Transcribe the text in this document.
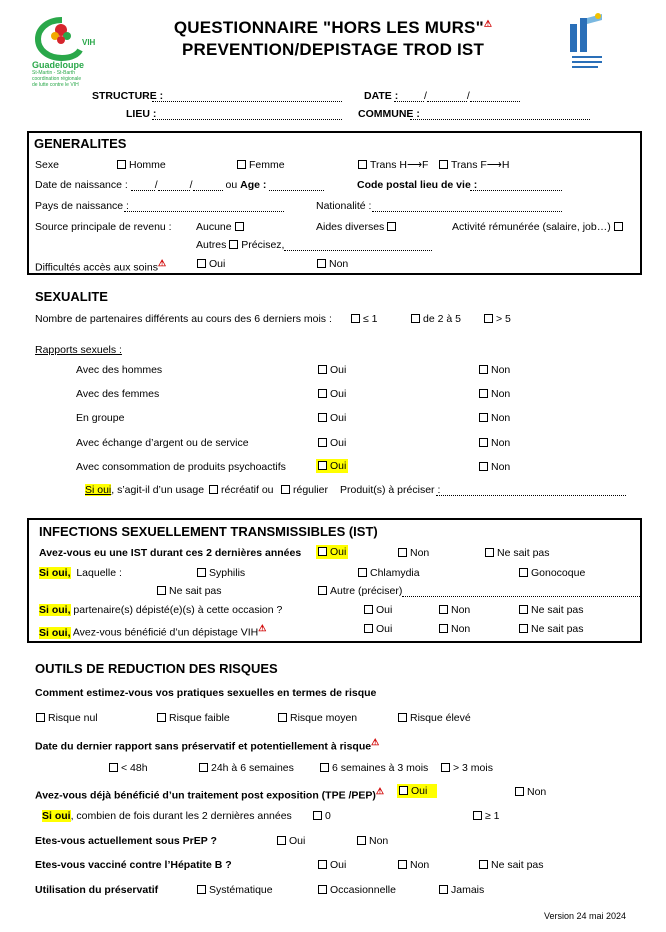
VIH
Guadeloupe
St-Martin - St-Barth
coordination régionale
de lutte contre le VIH
QUESTIONNAIRE "HORS LES MURS"⚠
PREVENTION/DEPISTAGE TROD IST
STRUCTURE :	DATE :	/	/
LIEU :	COMMUNE :
GENERALITES
Sexe	Homme	Femme	Trans H⟶F	Trans F⟶H
Date de naissance :	/	/	ou Age :	Code postal lieu de vie :
Pays de naissance :	Nationalité :
Source principale de revenu : Aucune	Aides diverses	Activité rémunérée (salaire, job…)
Autres Précisez,
Difficultés accès aux soins⚠	Oui	Non
SEXUALITE
Nombre de partenaires différents au cours des 6 derniers mois :	≤ 1	de 2 à 5	> 5
Rapports sexuels :
Avec des hommes	Oui	Non
Avec des femmes	Oui	Non
En groupe	Oui	Non
Avec échange d’argent ou de service	Oui	Non
Avec consommation de produits psychoactifs	Oui	Non
Si oui, s’agit-il d’un usage	récréatif ou	régulier Produit(s) à préciser :
INFECTIONS SEXUELLEMENT TRANSMISSIBLES (IST)
Avez-vous eu une IST durant ces 2 dernières années	Oui	Non	Ne sait pas
Si oui, Laquelle :	Syphilis	Chlamydia	Gonocoque
Ne sait pas	Autre (préciser)
Si oui, partenaire(s) dépisté(e)(s) à cette occasion ?	Oui	Non	Ne sait pas
Si oui, Avez-vous bénéficié d’un dépistage VIH⚠	Oui	Non	Ne sait pas
OUTILS DE REDUCTION DES RISQUES
Comment estimez-vous vos pratiques sexuelles en termes de risque
Risque nul	Risque faible	Risque moyen	Risque élevé
Date du dernier rapport sans préservatif et potentiellement à risque⚠
< 48h	24h à 6 semaines	6 semaines à 3 mois	> 3 mois
Avez-vous déjà bénéficié d’un traitement post exposition (TPE /PEP)⚠	Oui	Non
Si oui, combien de fois durant les 2 dernières années	0	≥ 1
Etes-vous actuellement sous PrEP ?	Oui	Non
Etes-vous vacciné contre l’Hépatite B ?	Oui	Non	Ne sait pas
Utilisation du préservatif	Systématique	Occasionnelle	Jamais
Version 24 mai 2024
